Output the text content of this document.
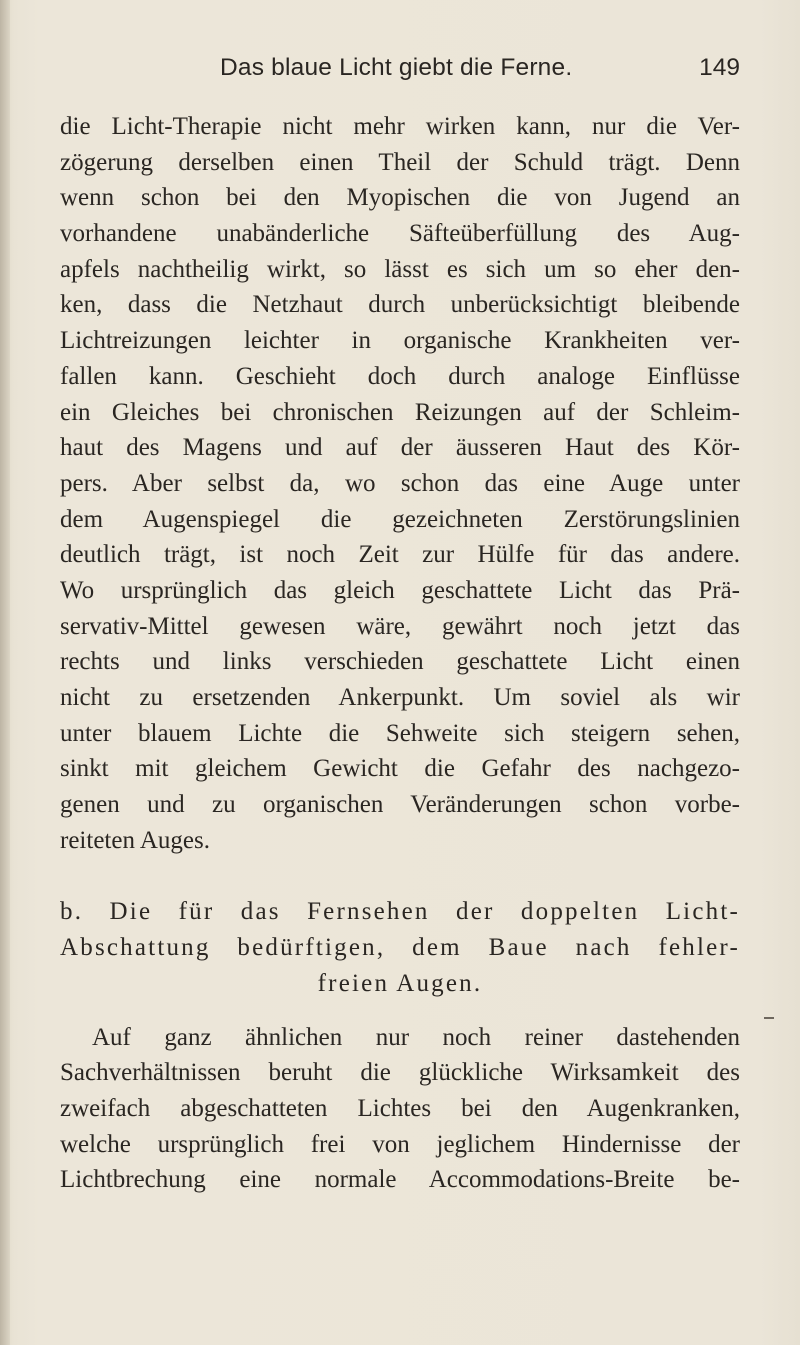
Das blaue Licht giebt die Ferne.	149
die Licht-Therapie nicht mehr wirken kann, nur die Ver-
zögerung derselben einen Theil der Schuld trägt. Denn
wenn schon bei den Myopischen die von Jugend an
vorhandene unabänderliche Säfteüberfüllung des Aug-
apfels nachtheilig wirkt, so lässt es sich um so eher den-
ken, dass die Netzhaut durch unberücksichtigt bleibende
Lichtreizungen leichter in organische Krankheiten ver-
fallen kann. Geschieht doch durch analoge Einflüsse
ein Gleiches bei chronischen Reizungen auf der Schleim-
haut des Magens und auf der äusseren Haut des Kör-
pers. Aber selbst da, wo schon das eine Auge unter
dem Augenspiegel die gezeichneten Zerstörungslinien
deutlich trägt, ist noch Zeit zur Hülfe für das andere.
Wo ursprünglich das gleich geschattete Licht das Prä-
servativ-Mittel gewesen wäre, gewährt noch jetzt das
rechts und links verschieden geschattete Licht einen
nicht zu ersetzenden Ankerpunkt. Um soviel als wir
unter blauem Lichte die Sehweite sich steigern sehen,
sinkt mit gleichem Gewicht die Gefahr des nachgezo-
genen und zu organischen Veränderungen schon vorbe-
reiteten Auges.
b. Die für das Fernsehen der doppelten Licht-
Abschattung bedürftigen, dem Baue nach fehler-
freien Augen.
Auf ganz ähnlichen nur noch reiner dastehenden
Sachverhältnissen beruht die glückliche Wirksamkeit des
zweifach abgeschatteten Lichtes bei den Augenkranken,
welche ursprünglich frei von jeglichem Hindernisse der
Lichtbrechung eine normale Accommodations-Breite be-
